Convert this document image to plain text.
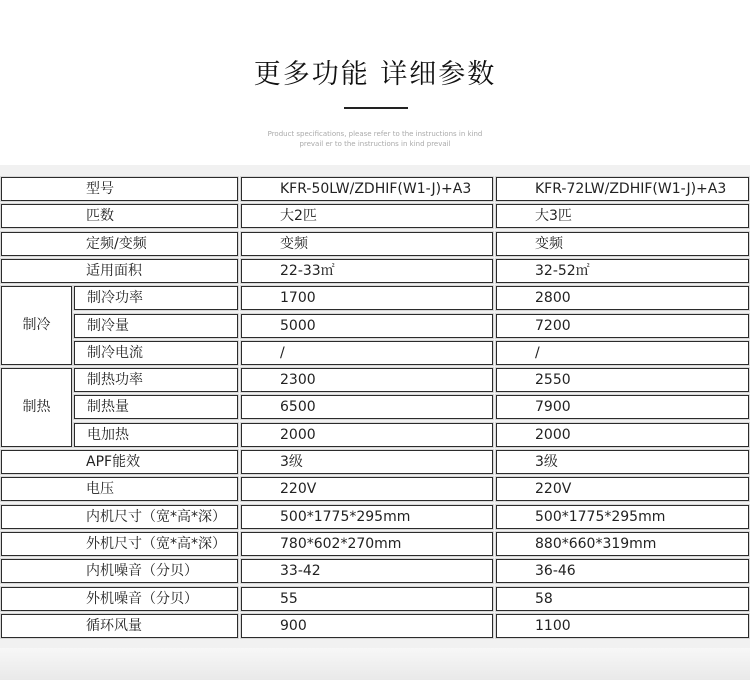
更多功能 详细参数
Product specifications, please refer to the instructions in kind prevail er to the instructions in kind prevail
型号	KFR-50LW/ZDHIF(W1-J)+A3	KFR-72LW/ZDHIF(W1-J)+A3
匹数	大2匹	大3匹
定频/变频	变频	变频
适用面积	22-33㎡	32-52㎡
制冷
制冷功率	1700	2800
制冷量	5000	7200
制冷电流	/	/
制热
制热功率	2300	2550
制热量	6500	7900
电加热	2000	2000
APF能效	3级	3级
电压	220V	220V
内机尺寸（宽*高*深）	500*1775*295mm	500*1775*295mm
外机尺寸（宽*高*深）	780*602*270mm	880*660*319mm
内机噪音（分贝）	33-42	36-46
外机噪音（分贝）	55	58
循环风量	900	1100
